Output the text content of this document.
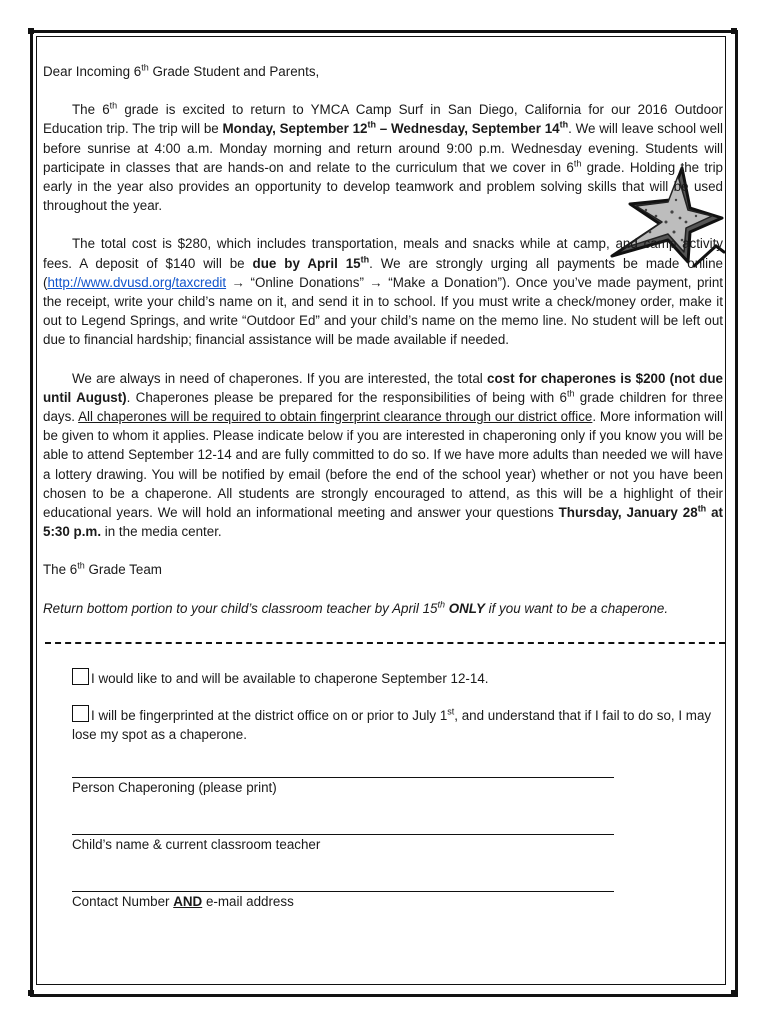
Dear Incoming 6th Grade Student and Parents,

The 6th grade is excited to return to YMCA Camp Surf in San Diego, California for our 2016 Outdoor Education trip. The trip will be Monday, September 12th – Wednesday, September 14th. We will leave school well before sunrise at 4:00 a.m. Monday morning and return around 9:00 p.m. Wednesday evening. Students will participate in classes that are hands-on and relate to the curriculum that we cover in 6th grade. Holding the trip early in the year also provides an opportunity to develop teamwork and problem solving skills that will be used throughout the year.

The total cost is $280, which includes transportation, meals and snacks while at camp, and camp activity fees. A deposit of $140 will be due by April 15th. We are strongly urging all payments be made online (http://www.dvusd.org/taxcredit → “Online Donations” → “Make a Donation”). Once you’ve made payment, print the receipt, write your child’s name on it, and send it in to school. If you must write a check/money order, make it out to Legend Springs, and write “Outdoor Ed” and your child’s name on the memo line. No student will be left out due to financial hardship; financial assistance will be made available if needed.

We are always in need of chaperones. If you are interested, the total cost for chaperones is $200 (not due until August). Chaperones please be prepared for the responsibilities of being with 6th grade children for three days. All chaperones will be required to obtain fingerprint clearance through our district office. More information will be given to whom it applies. Please indicate below if you are interested in chaperoning only if you know you will be able to attend September 12-14 and are fully committed to do so. If we have more adults than needed we will have a lottery drawing. You will be notified by email (before the end of the school year) whether or not you have been chosen to be a chaperone. All students are strongly encouraged to attend, as this will be a highlight of their educational years. We will hold an informational meeting and answer your questions Thursday, January 28th at 5:30 p.m. in the media center.

The 6th Grade Team

Return bottom portion to your child’s classroom teacher by April 15th ONLY if you want to be a chaperone.

I would like to and will be available to chaperone September 12-14.
I will be fingerprinted at the district office on or prior to July 1st, and understand that if I fail to do so, I may lose my spot as a chaperone.
Person Chaperoning (please print)
Child’s name & current classroom teacher
Contact Number AND e-mail address
